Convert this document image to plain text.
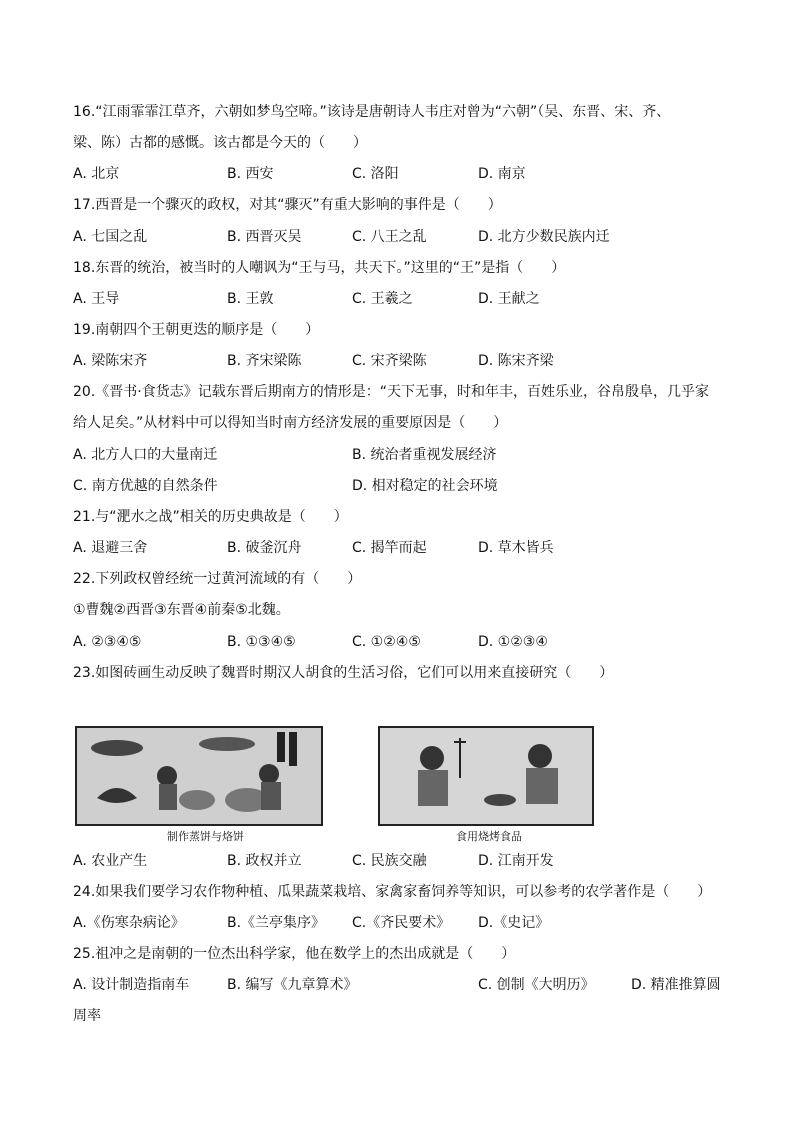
16.“江雨霏霏江草齐，六朝如梦鸟空啼。”该诗是唐朝诗人韦庄对曾为“六朝”（吴、东晋、宋、齐、
梁、陈）古都的感慨。该古都是今天的（　　）
A. 北京	B. 西安	C. 洛阳	D. 南京
17.西晋是一个骤灭的政权，对其“骤灭”有重大影响的事件是（　　）
A. 七国之乱	B. 西晋灭吴	C. 八王之乱	D. 北方少数民族内迁
18.东晋的统治，被当时的人嘲讽为“王与马，共天下。”这里的“王”是指（　　）
A. 王导	B. 王敦	C. 王羲之	D. 王献之
19.南朝四个王朝更迭的顺序是（　　）
A. 梁陈宋齐	B. 齐宋梁陈	C. 宋齐梁陈	D. 陈宋齐梁
20.《晋书·食货志》记载东晋后期南方的情形是：“天下无事，时和年丰，百姓乐业，谷帛殷阜，几乎家
给人足矣。”从材料中可以得知当时南方经济发展的重要原因是（　　）
A. 北方人口的大量南迁	B. 统治者重视发展经济
C. 南方优越的自然条件	D. 相对稳定的社会环境
21.与“淝水之战”相关的历史典故是（　　）
A. 退避三舍	B. 破釜沉舟	C. 揭竿而起	D. 草木皆兵
22.下列政权曾经统一过黄河流域的有（　　）
①曹魏②西晋③东晋④前秦⑤北魏。
A. ②③④⑤	B. ①③④⑤	C. ①②④⑤	D. ①②③④
23.如图砖画生动反映了魏晋时期汉人胡食的生活习俗，它们可以用来直接研究（　　）
制作蒸饼与烙饼	食用烧烤食品
A. 农业产生	B. 政权并立	C. 民族交融	D. 江南开发
24.如果我们要学习农作物种植、瓜果蔬菜栽培、家禽家畜饲养等知识，可以参考的农学著作是（　　）
A.《伤寒杂病论》	B.《兰亭集序》 C.《齐民要术》 D.《史记》
25.祖冲之是南朝的一位杰出科学家，他在数学上的杰出成就是（　　）
A. 设计制造指南车	B. 编写《九章算术》	C. 创制《大明历》	D. 精准推算圆
周率
